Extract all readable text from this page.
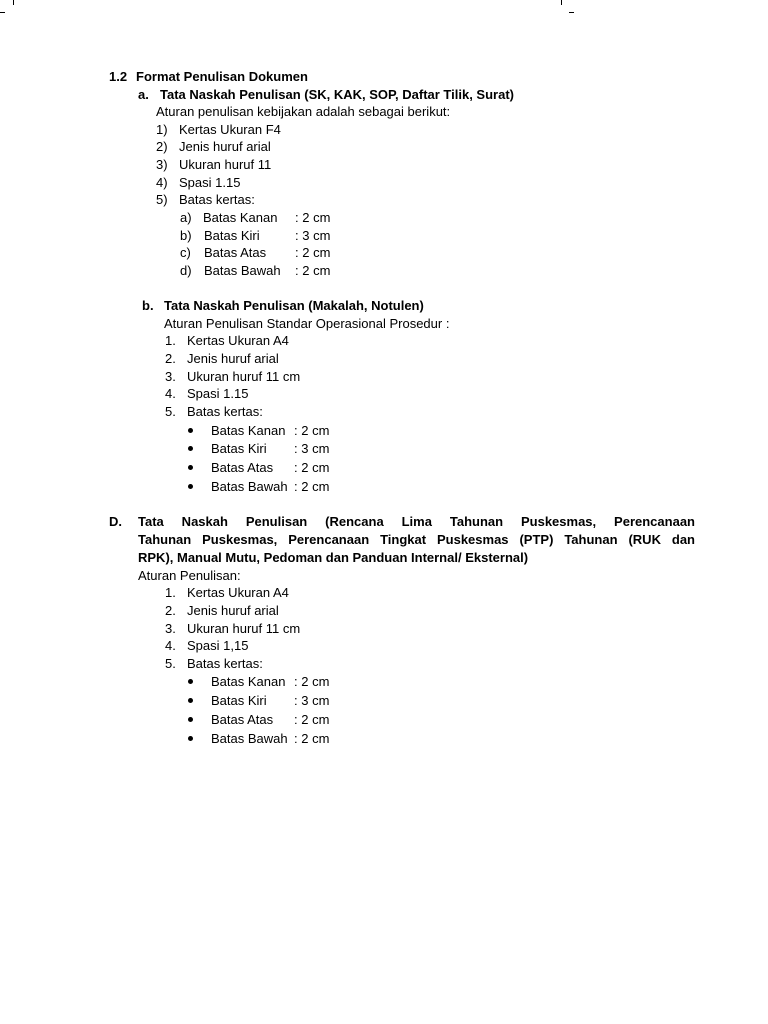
1.2 Format Penulisan Dokumen
a. Tata Naskah Penulisan (SK, KAK, SOP, Daftar Tilik, Surat)
Aturan penulisan kebijakan adalah sebagai berikut:
1) Kertas Ukuran F4
2) Jenis huruf arial
3) Ukuran huruf 11
4) Spasi 1.15
5) Batas kertas:
a) Batas Kanan : 2 cm
b) Batas Kiri	: 3 cm
c) Batas Atas : 2 cm
d) Batas Bawah : 2 cm
b. Tata Naskah Penulisan (Makalah, Notulen)
Aturan Penulisan Standar Operasional Prosedur :
1. Kertas Ukuran A4
2. Jenis huruf arial
3. Ukuran huruf 11 cm
4. Spasi 1.15
5. Batas kertas:
Batas Kanan : 2 cm
Batas Kiri : 3 cm
Batas Atas : 2 cm
Batas Bawah : 2 cm
D. Tata Naskah Penulisan (Rencana Lima Tahunan Puskesmas, Perencanaan
Tahunan Puskesmas, Perencanaan Tingkat Puskesmas (PTP) Tahunan (RUK dan
RPK), Manual Mutu, Pedoman dan Panduan Internal/ Eksternal)
Aturan Penulisan:
1. Kertas Ukuran A4
2. Jenis huruf arial
3. Ukuran huruf 11 cm
4. Spasi 1,15
5. Batas kertas:
Batas Kanan : 2 cm
Batas Kiri : 3 cm
Batas Atas : 2 cm
Batas Bawah : 2 cm
